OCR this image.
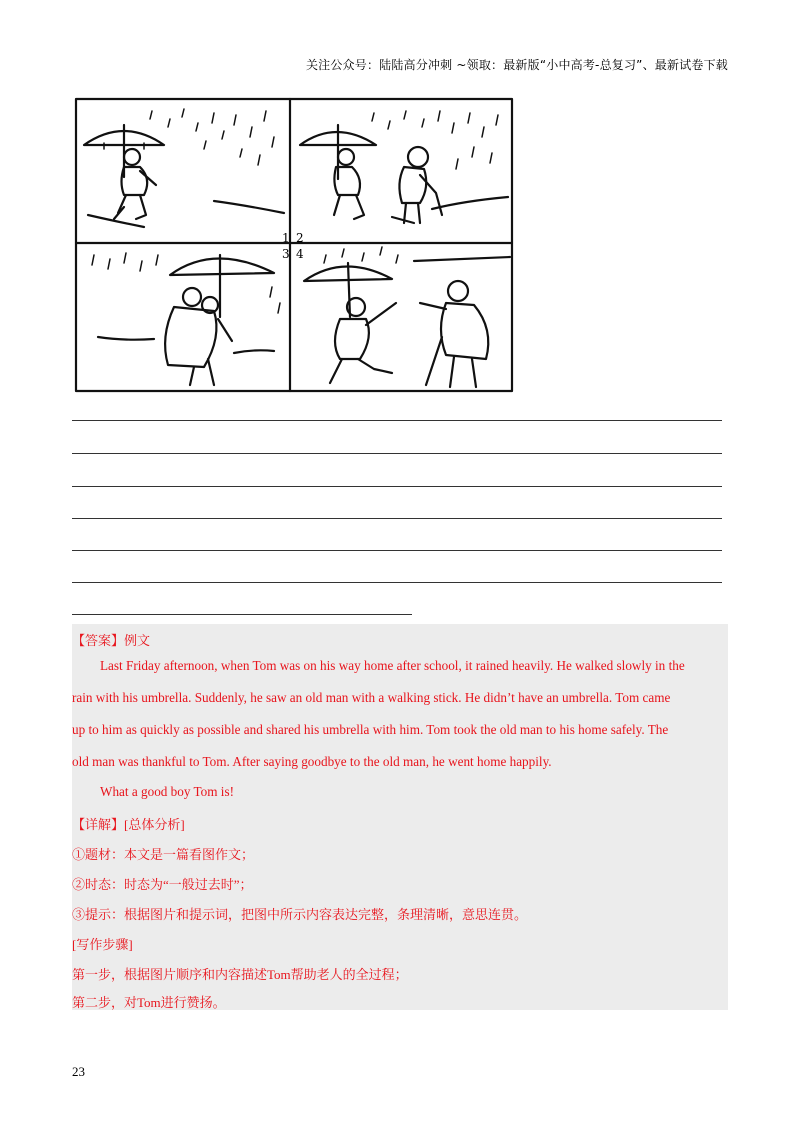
关注公众号：陆陆高分冲刺 ~领取：最新版“小中高考-总复习”、最新试卷下载
1 2
3 4
【答案】例文
Last Friday afternoon, when Tom was on his way home after school, it rained heavily. He walked slowly in the
rain with his umbrella. Suddenly, he saw an old man with a walking stick. He didn’t have an umbrella. Tom came
up to him as quickly as possible and shared his umbrella with him. Tom took the old man to his home safely. The
old man was thankful to Tom. After saying goodbye to the old man, he went home happily.
What a good boy Tom is!
【详解】[总体分析]
①题材：本文是一篇看图作文；
②时态：时态为“一般过去时”；
③提示：根据图片和提示词，把图中所示内容表达完整，条理清晰，意思连贯。
[写作步骤]
第一步，根据图片顺序和内容描述Tom帮助老人的全过程；
第二步，对Tom进行赞扬。
23
